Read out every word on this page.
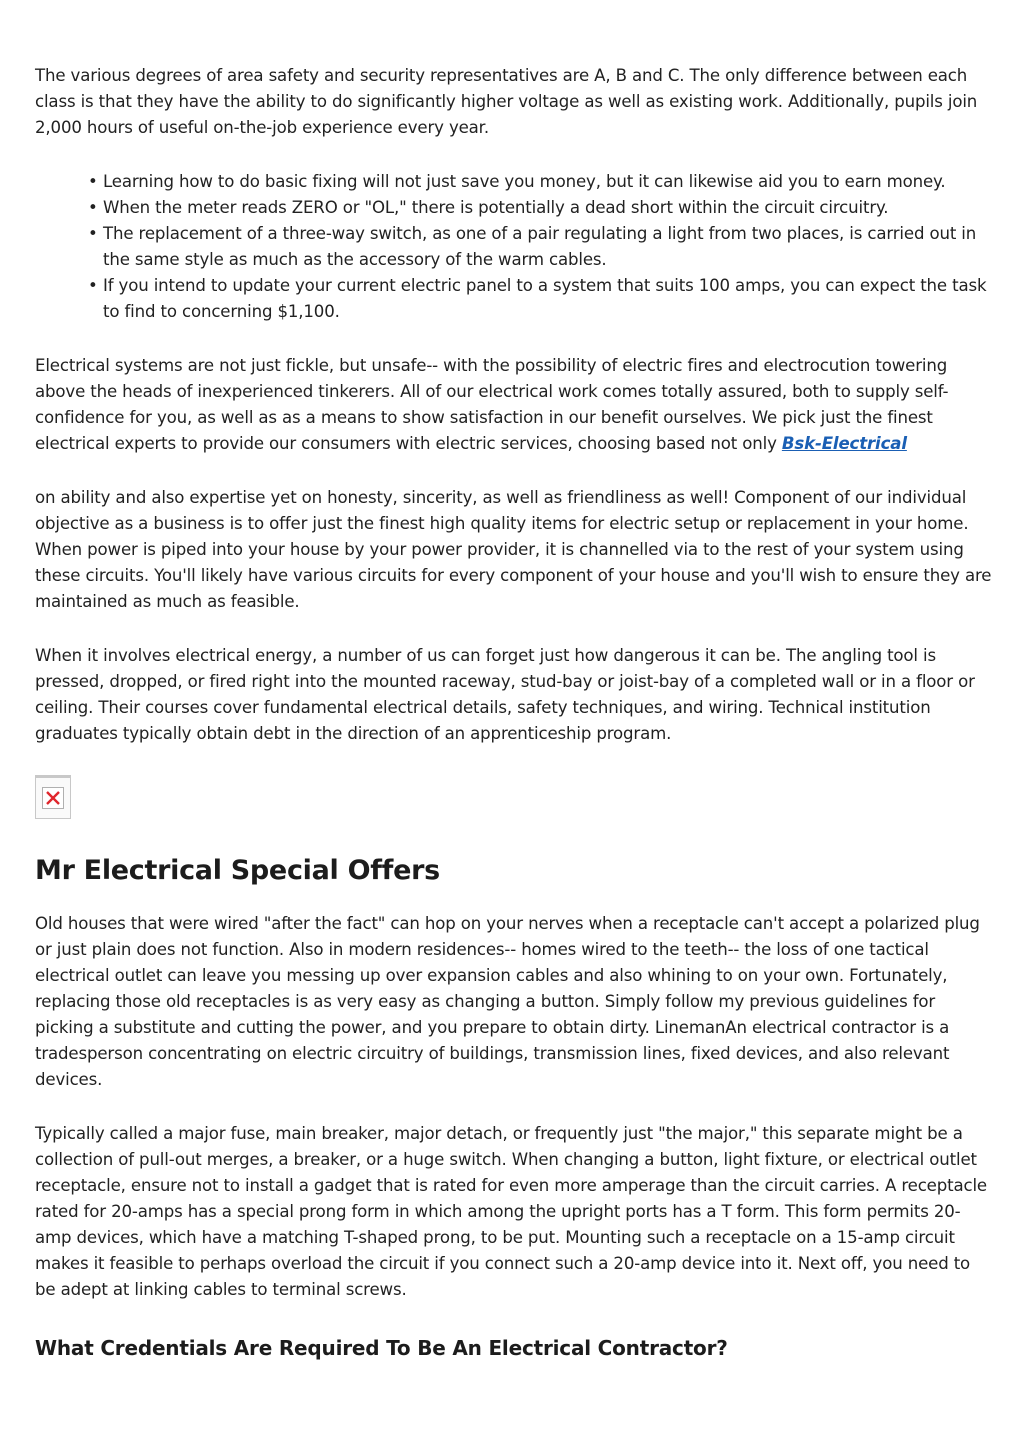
The various degrees of area safety and security representatives are A, B and C. The only difference between each class is that they have the ability to do significantly higher voltage as well as existing work. Additionally, pupils join 2,000 hours of useful on-the-job experience every year.

• Learning how to do basic fixing will not just save you money, but it can likewise aid you to earn money.
• When the meter reads ZERO or "OL," there is potentially a dead short within the circuit circuitry.
• The replacement of a three-way switch, as one of a pair regulating a light from two places, is carried out in the same style as much as the accessory of the warm cables.
• If you intend to update your current electric panel to a system that suits 100 amps, you can expect the task to find to concerning $1,100.

Electrical systems are not just fickle, but unsafe-- with the possibility of electric fires and electrocution towering above the heads of inexperienced tinkerers. All of our electrical work comes totally assured, both to supply self-confidence for you, as well as as a means to show satisfaction in our benefit ourselves. We pick just the finest electrical experts to provide our consumers with electric services, choosing based not only Bsk-Electrical

on ability and also expertise yet on honesty, sincerity, as well as friendliness as well! Component of our individual objective as a business is to offer just the finest high quality items for electric setup or replacement in your home. When power is piped into your house by your power provider, it is channelled via to the rest of your system using these circuits. You'll likely have various circuits for every component of your house and you'll wish to ensure they are maintained as much as feasible.

When it involves electrical energy, a number of us can forget just how dangerous it can be. The angling tool is pressed, dropped, or fired right into the mounted raceway, stud-bay or joist-bay of a completed wall or in a floor or ceiling. Their courses cover fundamental electrical details, safety techniques, and wiring. Technical institution graduates typically obtain debt in the direction of an apprenticeship program.

Mr Electrical Special Offers

Old houses that were wired "after the fact" can hop on your nerves when a receptacle can't accept a polarized plug or just plain does not function. Also in modern residences-- homes wired to the teeth-- the loss of one tactical electrical outlet can leave you messing up over expansion cables and also whining to on your own. Fortunately, replacing those old receptacles is as very easy as changing a button. Simply follow my previous guidelines for picking a substitute and cutting the power, and you prepare to obtain dirty. LinemanAn electrical contractor is a tradesperson concentrating on electric circuitry of buildings, transmission lines, fixed devices, and also relevant devices.

Typically called a major fuse, main breaker, major detach, or frequently just "the major," this separate might be a collection of pull-out merges, a breaker, or a huge switch. When changing a button, light fixture, or electrical outlet receptacle, ensure not to install a gadget that is rated for even more amperage than the circuit carries. A receptacle rated for 20-amps has a special prong form in which among the upright ports has a T form. This form permits 20-amp devices, which have a matching T-shaped prong, to be put. Mounting such a receptacle on a 15-amp circuit makes it feasible to perhaps overload the circuit if you connect such a 20-amp device into it. Next off, you need to be adept at linking cables to terminal screws.

What Credentials Are Required To Be An Electrical Contractor?
